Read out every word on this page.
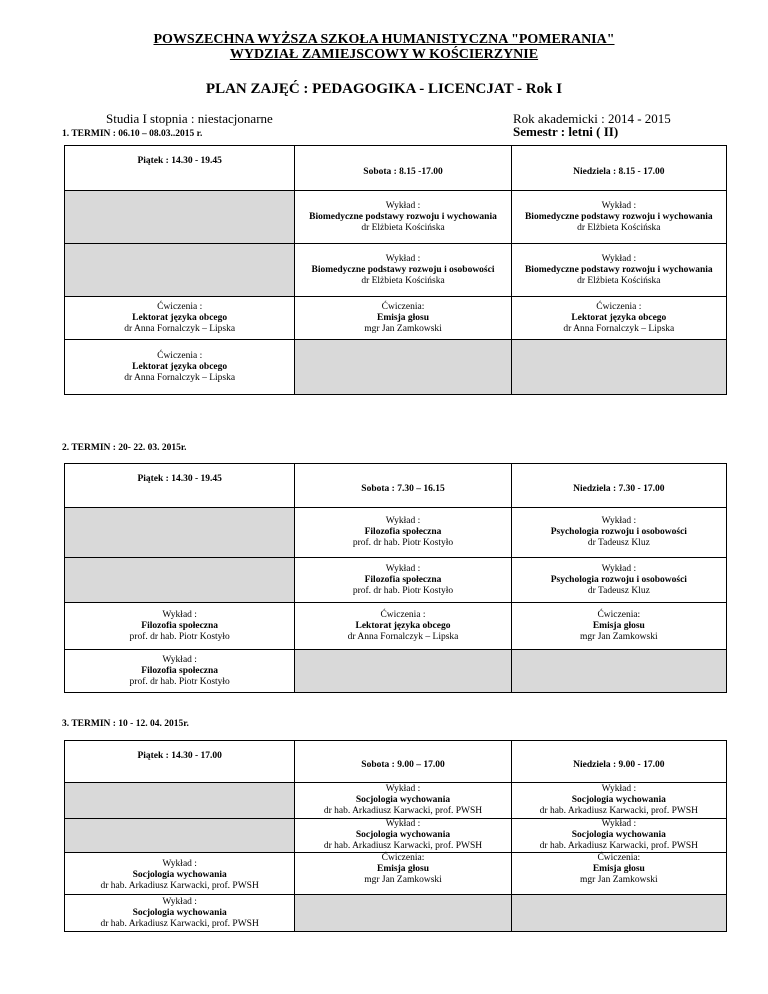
POWSZECHNA WYŻSZA SZKOŁA HUMANISTYCZNA "POMERANIA"
WYDZIAŁ ZAMIEJSCOWY W KOŚCIERZYNIE
PLAN ZAJĘĆ : PEDAGOGIKA - LICENCJAT - Rok I
Studia I stopnia : niestacjonarne	Rok akademicki : 2014 - 2015
Semestr : letni ( II)
1. TERMIN : 06.10 – 08.03..2015 r.
Piątek : 14.30 - 19.45	Sobota : 8.15 -17.00	Niedziela : 8.15 - 17.00

	Wykład :
Biomedyczne podstawy rozwoju i wychowania
dr Elżbieta Kościńska	Wykład :
Biomedyczne podstawy rozwoju i wychowania
dr Elżbieta Kościńska

	Wykład :
Biomedyczne podstawy rozwoju i osobowości
dr Elżbieta Kościńska	Wykład :
Biomedyczne podstawy rozwoju i wychowania
dr Elżbieta Kościńska

Ćwiczenia :
Lektorat języka obcego
dr Anna Fornalczyk – Lipska	Ćwiczenia:
Emisja głosu
mgr Jan Zamkowski	Ćwiczenia :
Lektorat języka obcego
dr Anna Fornalczyk – Lipska

Ćwiczenia :
Lektorat języka obcego
dr Anna Fornalczyk – Lipska		

2. TERMIN : 20- 22. 03. 2015r.
Piątek : 14.30 - 19.45	Sobota : 7.30 – 16.15	Niedziela : 7.30 - 17.00

	Wykład :
Filozofia społeczna
prof. dr hab. Piotr Kostyło	Wykład :
Psychologia rozwoju i osobowości
dr Tadeusz Kluz

	Wykład :
Filozofia społeczna
prof. dr hab. Piotr Kostyło	Wykład :
Psychologia rozwoju i osobowości
dr Tadeusz Kluz

Wykład :
Filozofia społeczna
prof. dr hab. Piotr Kostyło	Ćwiczenia :
Lektorat języka obcego
dr Anna Fornalczyk – Lipska	Ćwiczenia:
Emisja głosu
mgr Jan Zamkowski

Wykład :
Filozofia społeczna
prof. dr hab. Piotr Kostyło		

3. TERMIN : 10 - 12. 04. 2015r.
Piątek : 14.30 - 17.00	Sobota : 9.00 – 17.00	Niedziela : 9.00 - 17.00

	Wykład :
Socjologia wychowania
dr hab. Arkadiusz Karwacki, prof. PWSH	Wykład :
Socjologia wychowania
dr hab. Arkadiusz Karwacki, prof. PWSH

	Wykład :
Socjologia wychowania
dr hab. Arkadiusz Karwacki, prof. PWSH	Wykład :
Socjologia wychowania
dr hab. Arkadiusz Karwacki, prof. PWSH

Wykład :
Socjologia wychowania
dr hab. Arkadiusz Karwacki, prof. PWSH	Ćwiczenia:
Emisja głosu
mgr Jan Zamkowski	Ćwiczenia:
Emisja głosu
mgr Jan Zamkowski

Wykład :
Socjologia wychowania
dr hab. Arkadiusz Karwacki, prof. PWSH		
